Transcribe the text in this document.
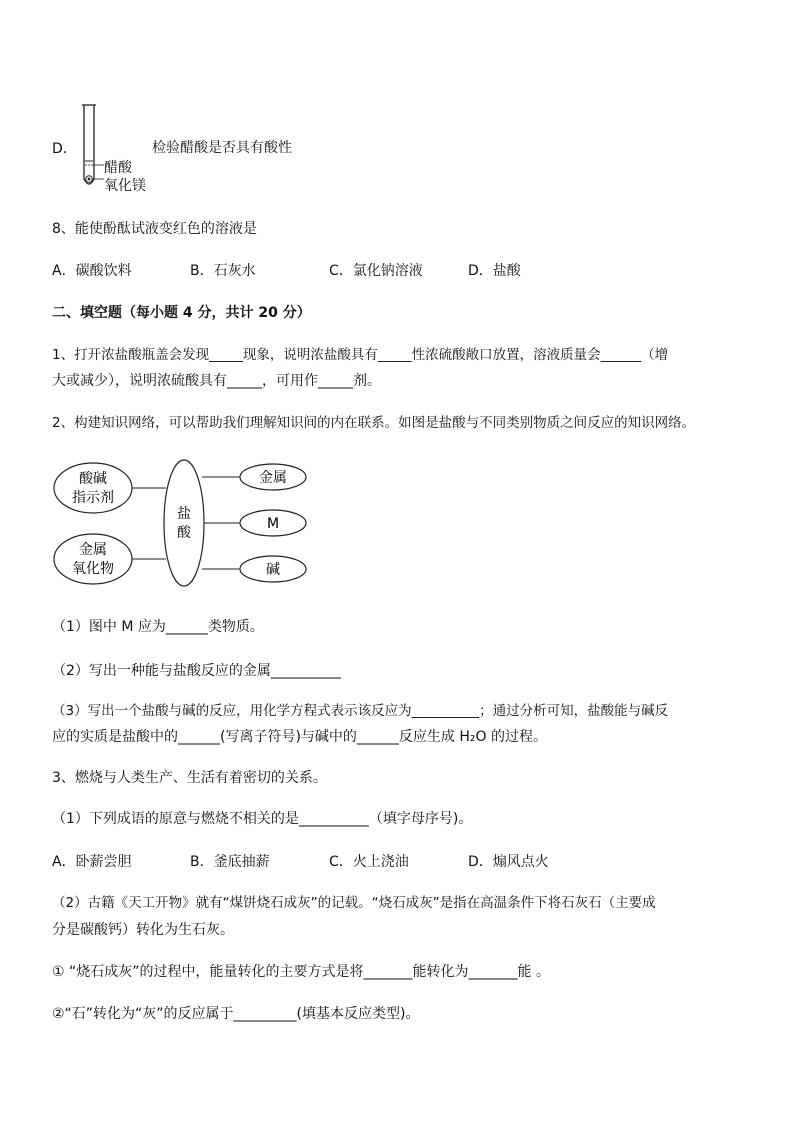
D．
醋酸
氧化镁
检验醋酸是否具有酸性
8、能使酚酞试液变红色的溶液是
A．碳酸饮料	B．石灰水	C．氯化钠溶液	D．盐酸
二、填空题（每小题 4 分，共计 20 分）
1、打开浓盐酸瓶盖会发现_____现象，说明浓盐酸具有_____性浓硫酸敞口放置，溶液质量会______（增
大或减少），说明浓硫酸具有_____，可用作_____剂。
2、构建知识网络，可以帮助我们理解知识间的内在联系。如图是盐酸与不同类别物质之间反应的知识网络。
酸碱
指示剂
金属
氧化物
盐
酸
金属
M
碱
（1）图中 M 应为______类物质。
（2）写出一种能与盐酸反应的金属__________
（3）写出一个盐酸与碱的反应，用化学方程式表示该反应为__________；通过分析可知，盐酸能与碱反
应的实质是盐酸中的______(写离子符号)与碱中的______反应生成 H₂O 的过程。
3、燃烧与人类生产、生活有着密切的关系。
（1）下列成语的原意与燃烧不相关的是__________（填字母序号)。
A．卧薪尝胆	B．釜底抽薪	C．火上浇油	D．煽风点火
（2）古籍《天工开物》就有“煤饼烧石成灰”的记载。“烧石成灰”是指在高温条件下将石灰石（主要成
分是碳酸钙）转化为生石灰。
① “烧石成灰”的过程中，能量转化的主要方式是将_______能转化为_______能 。
②“石”转化为“灰”的反应属于_________(填基本反应类型)。
